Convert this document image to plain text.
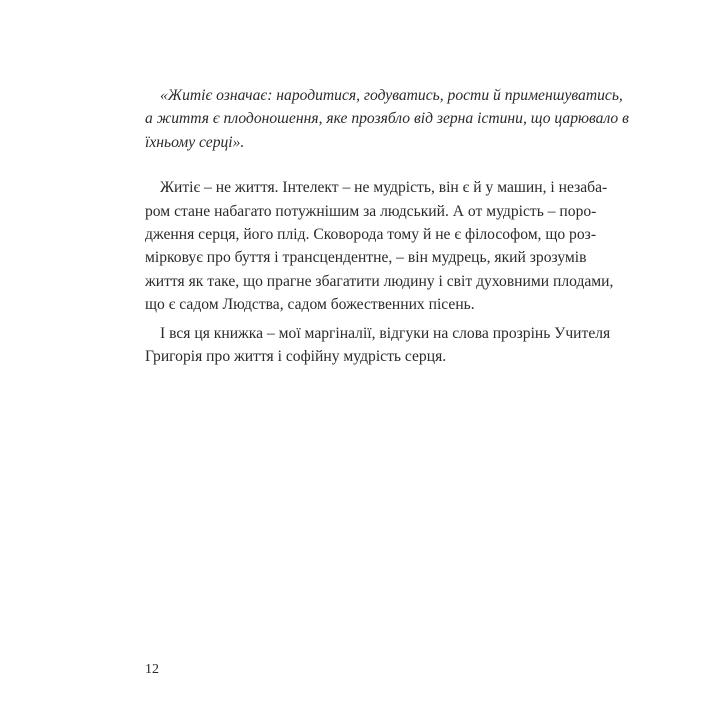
«Житіє означає: народитися, годуватись, рости й применшуватись,
а життя є плодоношення, яке прозябло від зерна істини, що царювало в
їхньому серці».
Житіє – не життя. Інтелект – не мудрість, він є й у машин, і незаба-
ром стане набагато потужнішим за людський. А от мудрість – поро-
дження серця, його плід. Сковорода тому й не є філософом, що роз-
мірковує про буття і трансцендентне, – він мудрець, який зрозумів
життя як таке, що прагне збагатити людину і світ духовними плодами,
що є садом Людства, садом божественних пісень.
І вся ця книжка – мої маргіналії, відгуки на слова прозрінь Учителя
Григорія про життя і софійну мудрість серця.
12
